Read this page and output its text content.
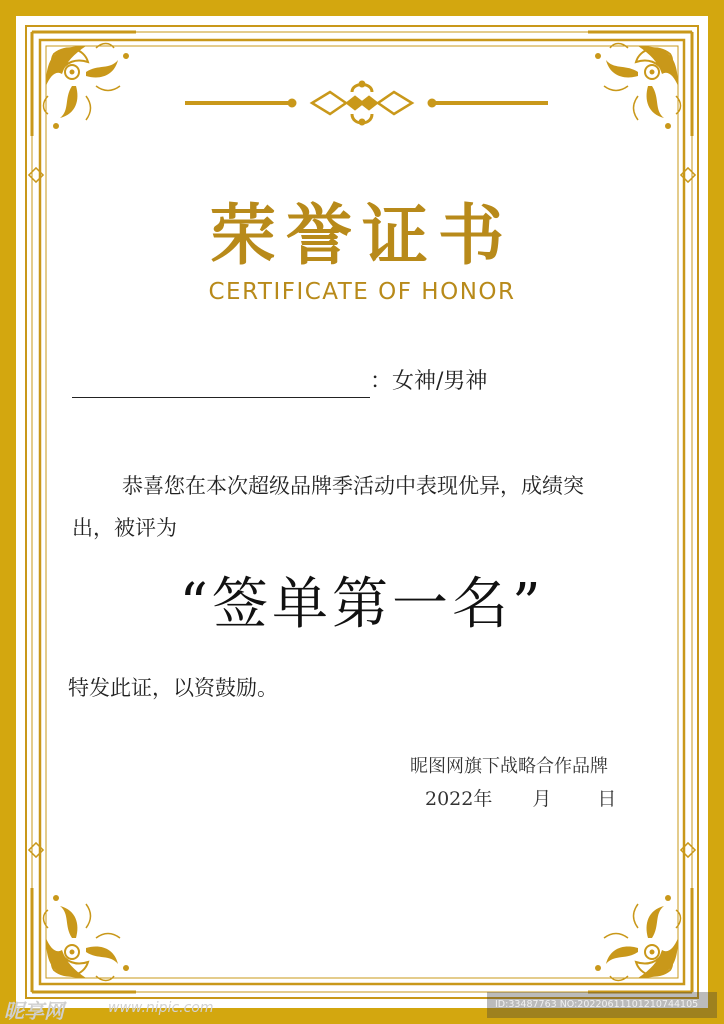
荣誉证书
CERTIFICATE OF HONOR
：女神/男神
恭喜您在本次超级品牌季活动中表现优异，成绩突
出，被评为
“签单第一名”
特发此证，以资鼓励。
昵图网旗下战略合作品牌
2022年 月 日
昵享网	www.nipic.com	ID:33487763 NO:20220611101210744105
